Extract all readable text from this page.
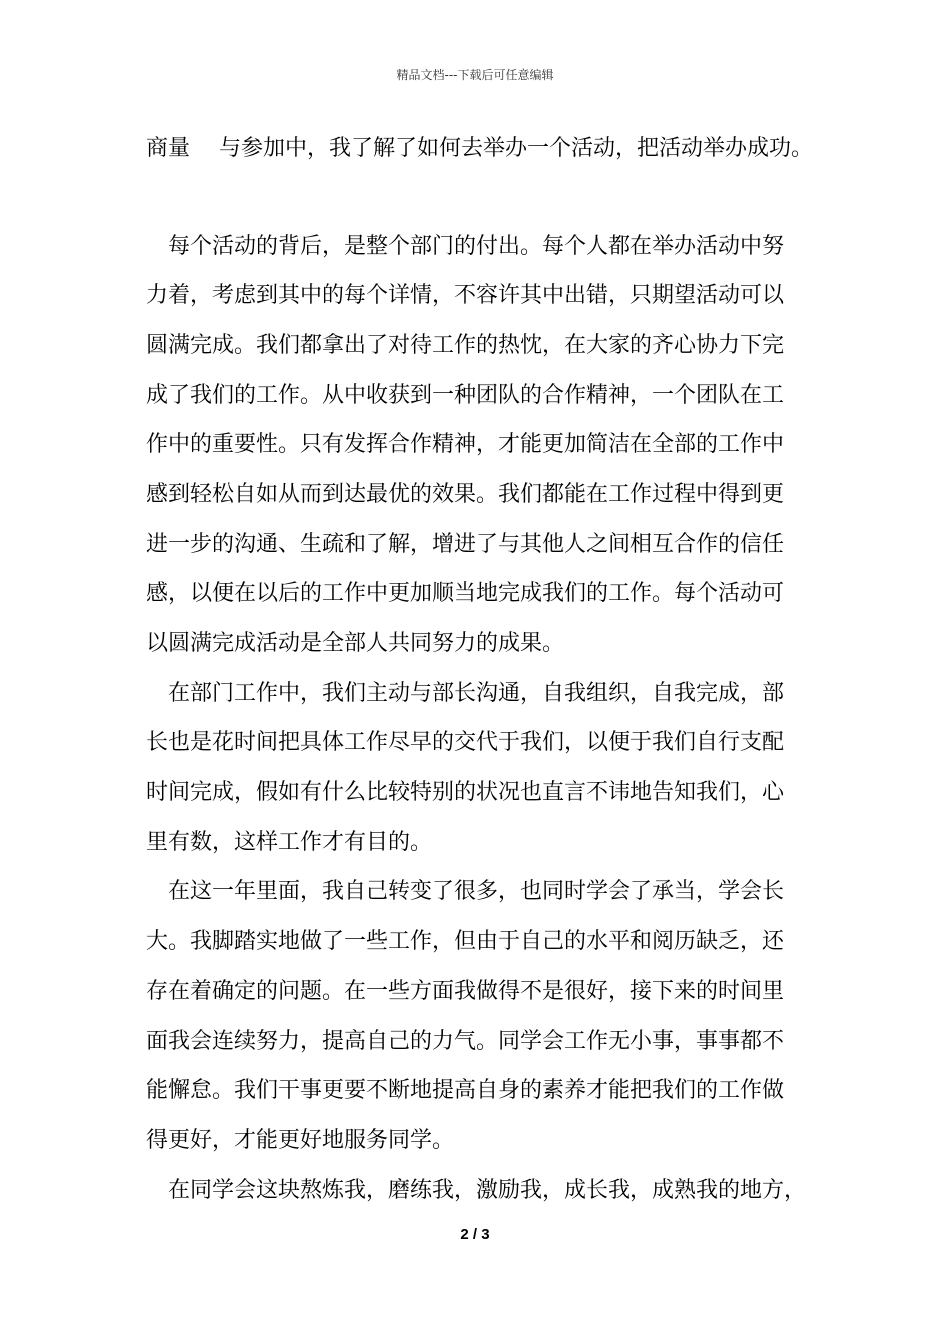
精品文档---下载后可任意编辑
商量　 与参加中，我了解了如何去举办一个活动，把活动举办成功。
　每个活动的背后，是整个部门的付出。每个人都在举办活动中努
力着，考虑到其中的每个详情，不容许其中出错，只期望活动可以
圆满完成。我们都拿出了对待工作的热忱，在大家的齐心协力下完
成了我们的工作。从中收获到一种团队的合作精神，一个团队在工
作中的重要性。只有发挥合作精神，才能更加简洁在全部的工作中
感到轻松自如从而到达最优的效果。我们都能在工作过程中得到更
进一步的沟通、生疏和了解，增进了与其他人之间相互合作的信任
感，以便在以后的工作中更加顺当地完成我们的工作。每个活动可
以圆满完成活动是全部人共同努力的成果。
　在部门工作中，我们主动与部长沟通，自我组织，自我完成，部
长也是花时间把具体工作尽早的交代于我们，以便于我们自行支配
时间完成，假如有什么比较特别的状况也直言不讳地告知我们，心
里有数，这样工作才有目的。
　在这一年里面，我自己转变了很多，也同时学会了承当，学会长
大。我脚踏实地做了一些工作，但由于自己的水平和阅历缺乏，还
存在着确定的问题。在一些方面我做得不是很好，接下来的时间里
面我会连续努力，提高自己的力气。同学会工作无小事，事事都不
能懈怠。我们干事更要不断地提高自身的素养才能把我们的工作做
得更好，才能更好地服务同学。
　在同学会这块熬炼我，磨练我，激励我，成长我，成熟我的地方，
2 / 3
